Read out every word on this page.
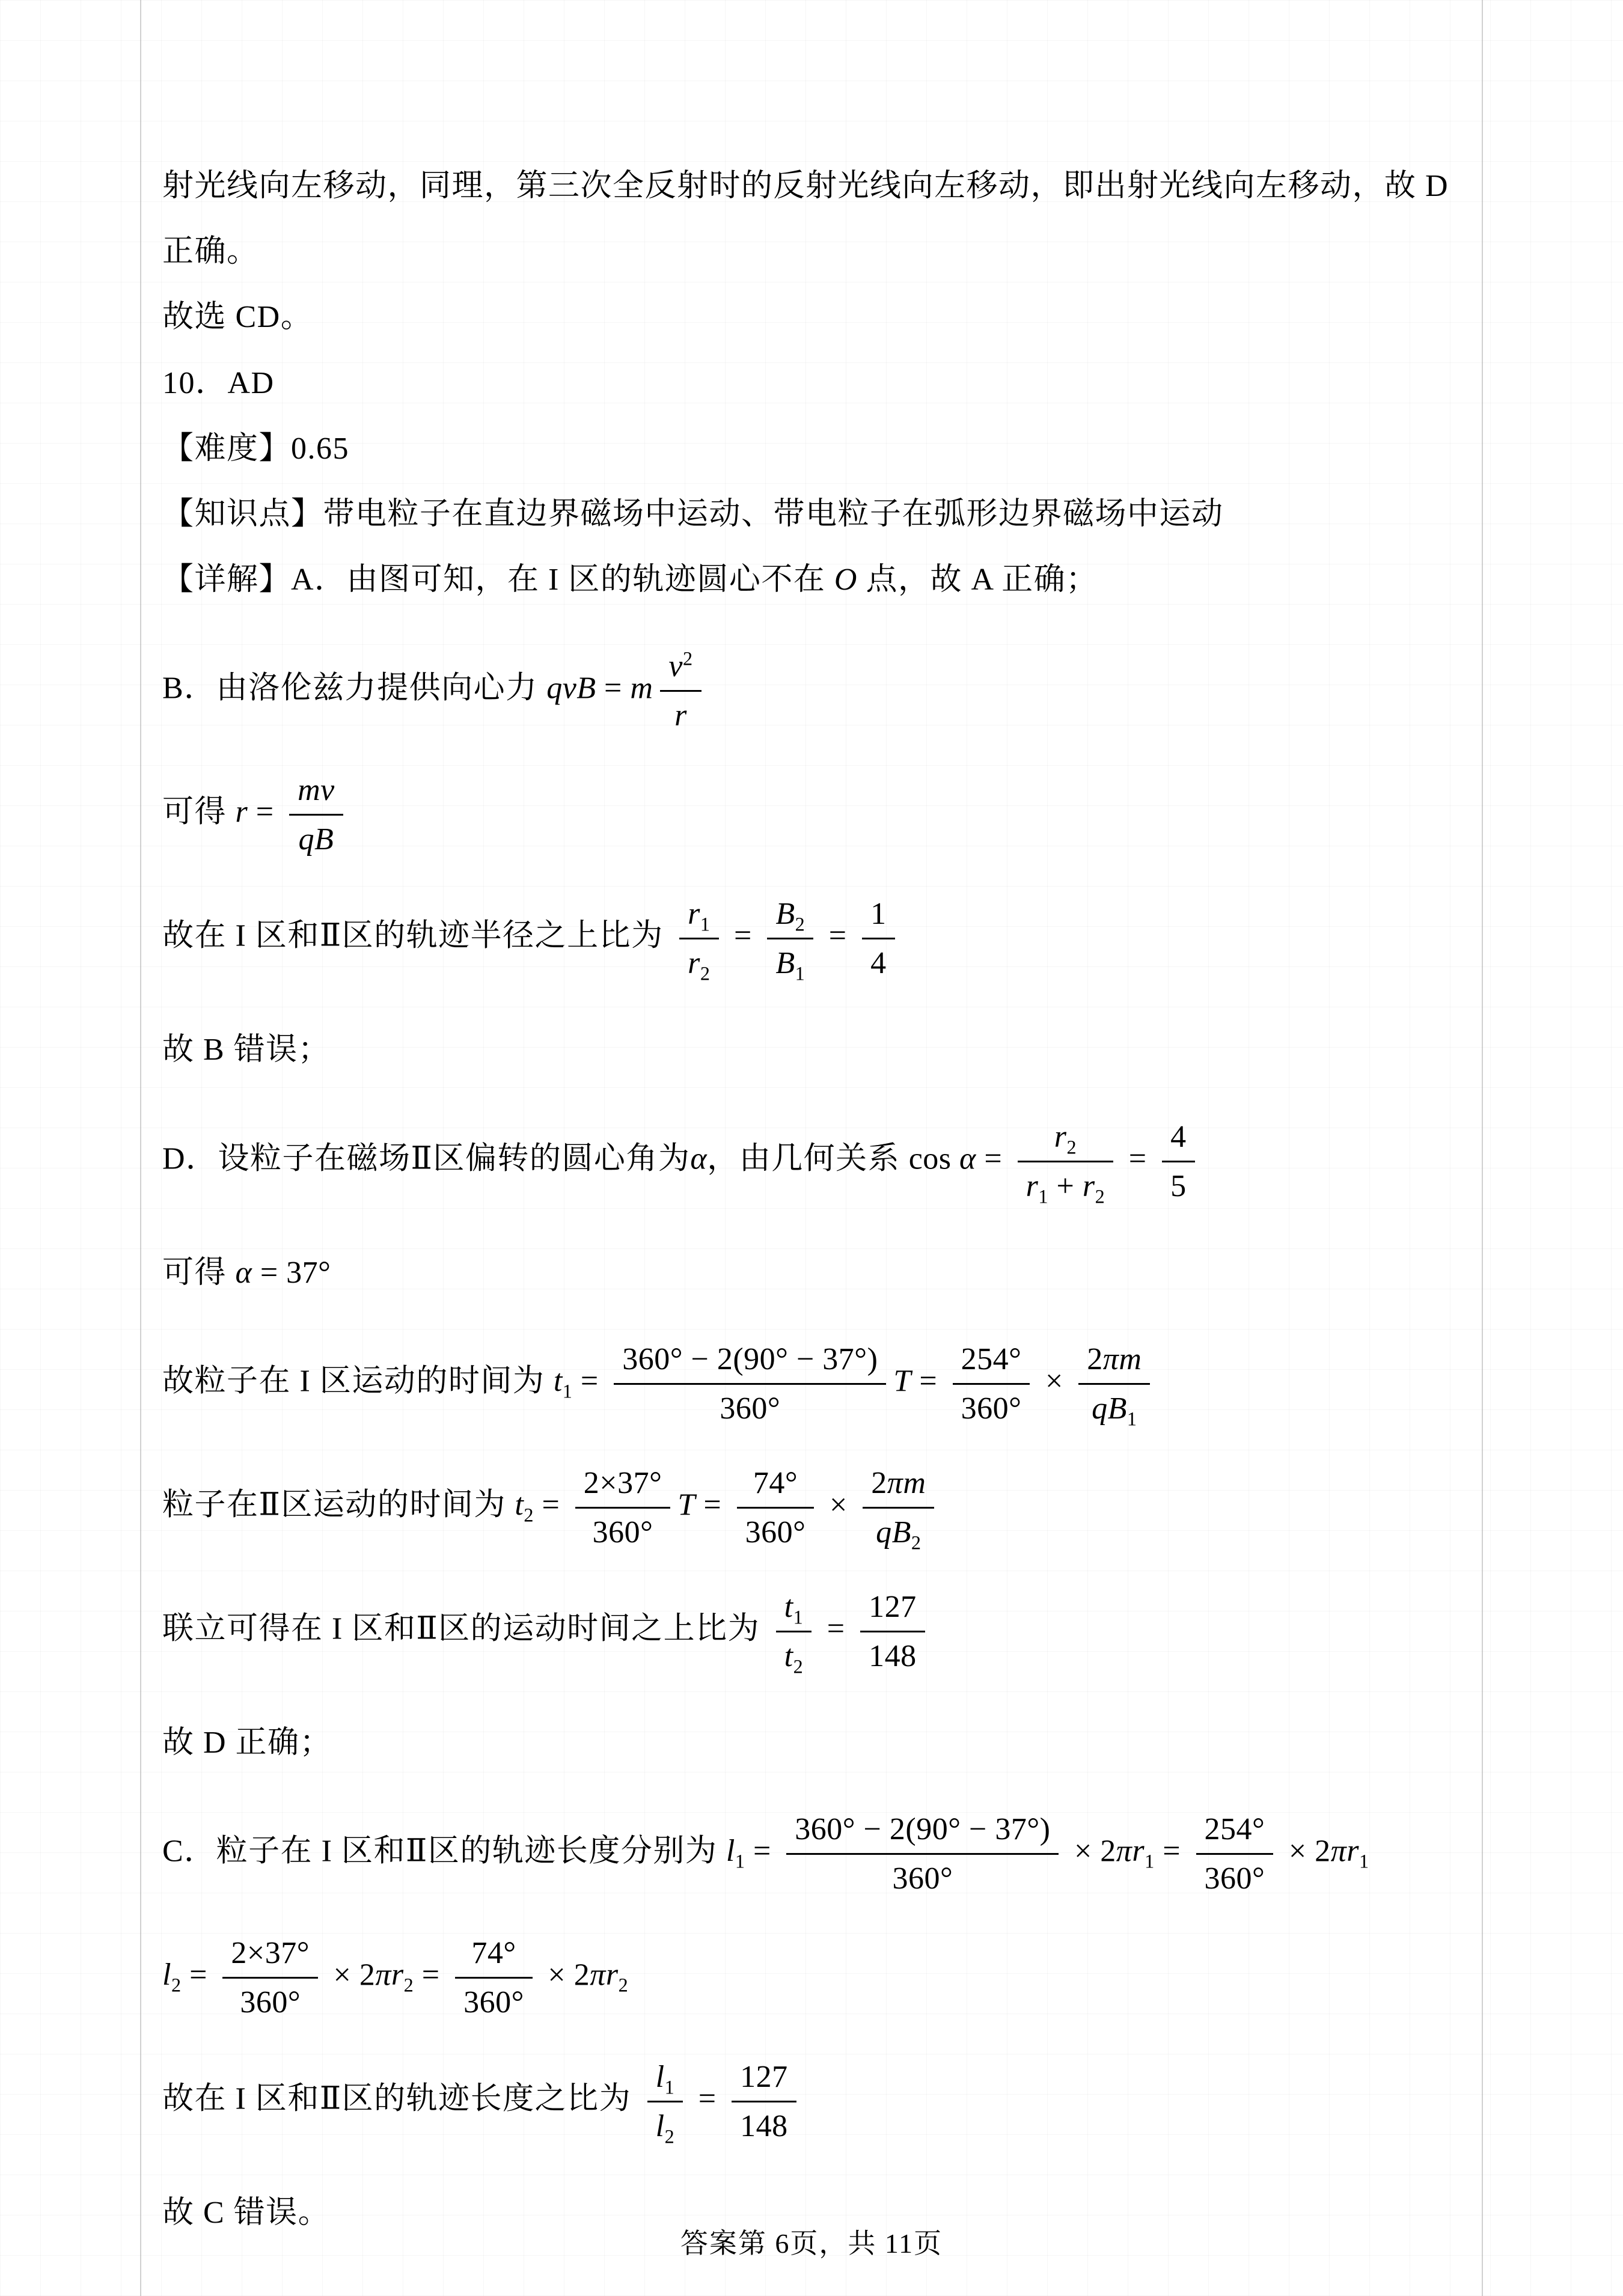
射光线向左移动，同理，第三次全反射时的反射光线向左移动，即出射光线向左移动，故 D

正确。

故选 CD。

10．AD

【难度】0.65

【知识点】带电粒子在直边界磁场中运动、带电粒子在弧形边界磁场中运动

【详解】A．由图可知，在 I 区的轨迹圆心不在 O 点，故 A 正确；

B．由洛伦兹力提供向心力 qvB = m $\frac{v^2}{r}$

可得 $r = \frac{mv}{qB}$

故在 I 区和Ⅱ区的轨迹半径之上比为 $\frac{r_1}{r_2} = \frac{B_2}{B_1} = \frac{1}{4}$

故 B 错误；

D．设粒子在磁场Ⅱ区偏转的圆心角为α，由几何关系 $\cos \alpha = \frac{r_2}{r_1 + r_2} = \frac{4}{5}$

可得 α = 37°

故粒子在 I 区运动的时间为 $t_1 = \frac{360^\circ - 2(90^\circ - 37^\circ)}{360^\circ}$ $T = \frac{254^\circ}{360^\circ} \times \frac{2\pi m}{qB_1}$

粒子在Ⅱ区运动的时间为 $t_2 = \frac{2\times 37^\circ}{360^\circ}$ $T = \frac{74^\circ}{360^\circ} \times \frac{2\pi m}{qB_2}$

联立可得在 I 区和Ⅱ区的运动时间之上比为 $\frac{t_1}{t_2} = \frac{127}{148}$

故 D 正确；

C．粒子在 I 区和Ⅱ区的轨迹长度分别为 $l_1 = \frac{360^\circ - 2(90^\circ - 37^\circ)}{360^\circ} \times 2\pi r_1 = \frac{254^\circ}{360^\circ} \times 2\pi r_1$

$l_2 = \frac{2\times 37^\circ}{360^\circ} \times 2\pi r_2 = \frac{74^\circ}{360^\circ} \times 2\pi r_2$

故在 I 区和Ⅱ区的轨迹长度之比为 $\frac{l_1}{l_2} = \frac{127}{148}$

故 C 错误。

答案第 6页，共 11页
